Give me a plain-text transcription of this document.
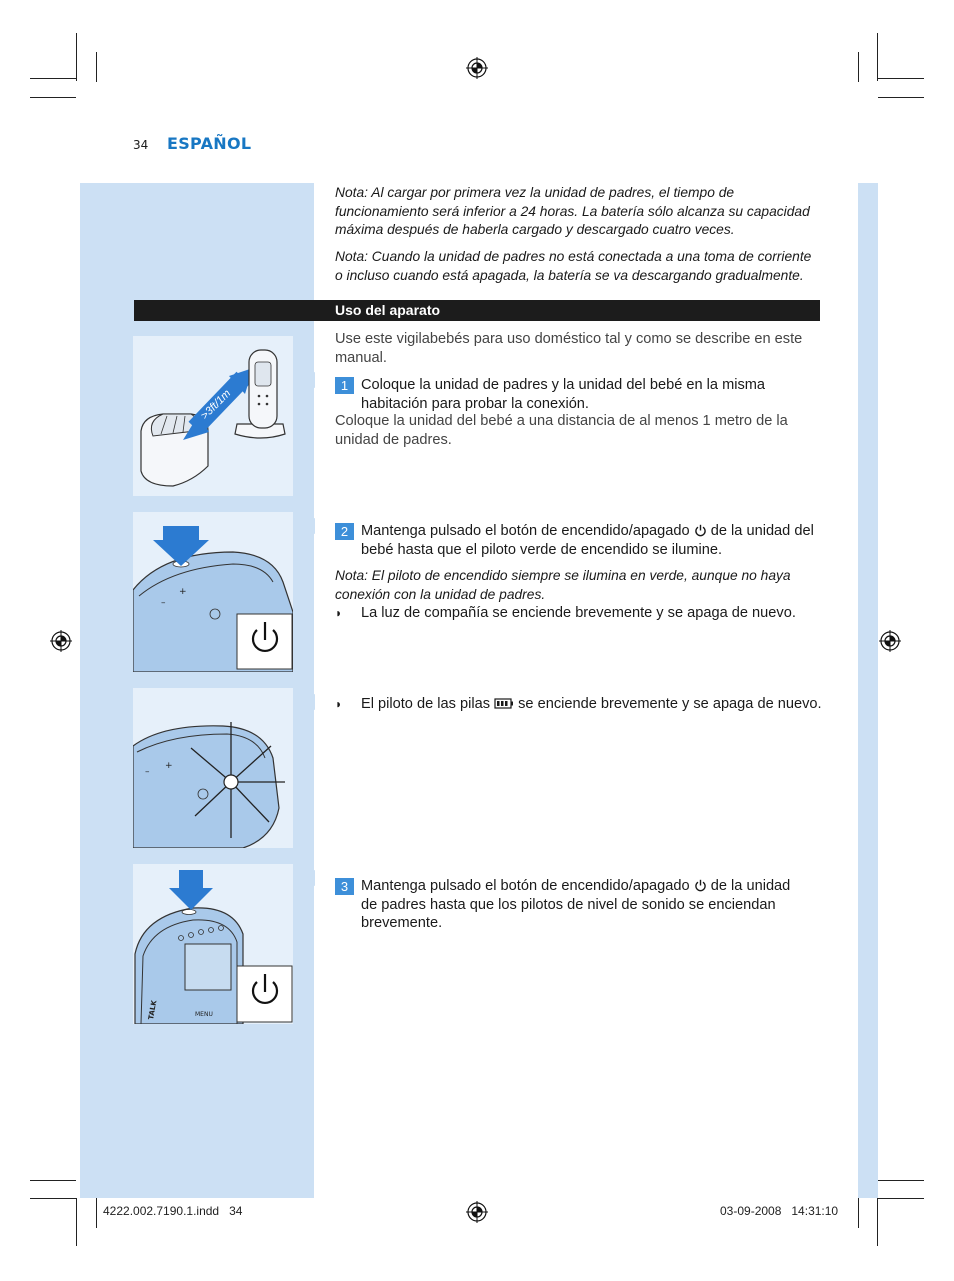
34 ESPAÑOL
Nota: Al cargar por primera vez la unidad de padres, el tiempo de funcionamiento será inferior a 24 horas. La batería sólo alcanza su capacidad máxima después de haberla cargado y descargado cuatro veces.
Nota: Cuando la unidad de padres no está conectada a una toma de corriente o incluso cuando está apagada, la batería se va descargando gradualmente.
Uso del aparato
Use este vigilabebés para uso doméstico tal y como se describe en este manual.
1 Coloque la unidad de padres y la unidad del bebé en la misma habitación para probar la conexión.
Coloque la unidad del bebé a una distancia de al menos 1 metro de la unidad de padres.
2 Mantenga pulsado el botón de encendido/apagado de la unidad del bebé hasta que el piloto verde de encendido se ilumine.
Nota: El piloto de encendido siempre se ilumina en verde, aunque no haya conexión con la unidad de padres.
◗	La luz de compañía se enciende brevemente y se apaga de nuevo.
◗	El piloto de las pilas se enciende brevemente y se apaga de nuevo.
3 Mantenga pulsado el botón de encendido/apagado de la unidad de padres hasta que los pilotos de nivel de sonido se enciendan brevemente.
>3ft/1m
–
+
–
+
TALK	MENU
4222.002.7190.1.indd   34	03-09-2008   14:31:10
